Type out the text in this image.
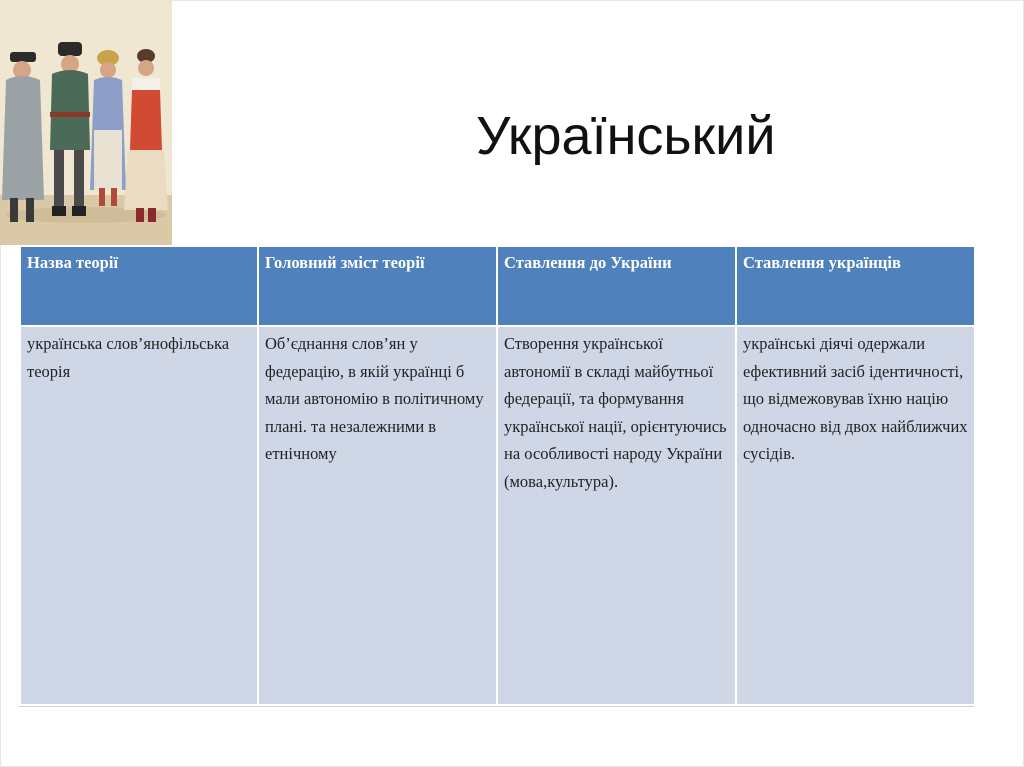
Український
Назва теорії	Головний зміст теорії	Ставлення до України	Ставлення українців
українська слов’янофільська теорія	Об’єднання слов’ян у федерацію, в якій українці б мали автономію в політичному плані. та незалежними в етнічному	Створення української автономії в складі майбутньої федерації, та формування української нації, орієнтуючись на особливості народу України (мова,культура).	українські діячі одержали ефективний засіб ідентичності, що відмежовував їхню націю одночасно від двох найближчих сусідів.
